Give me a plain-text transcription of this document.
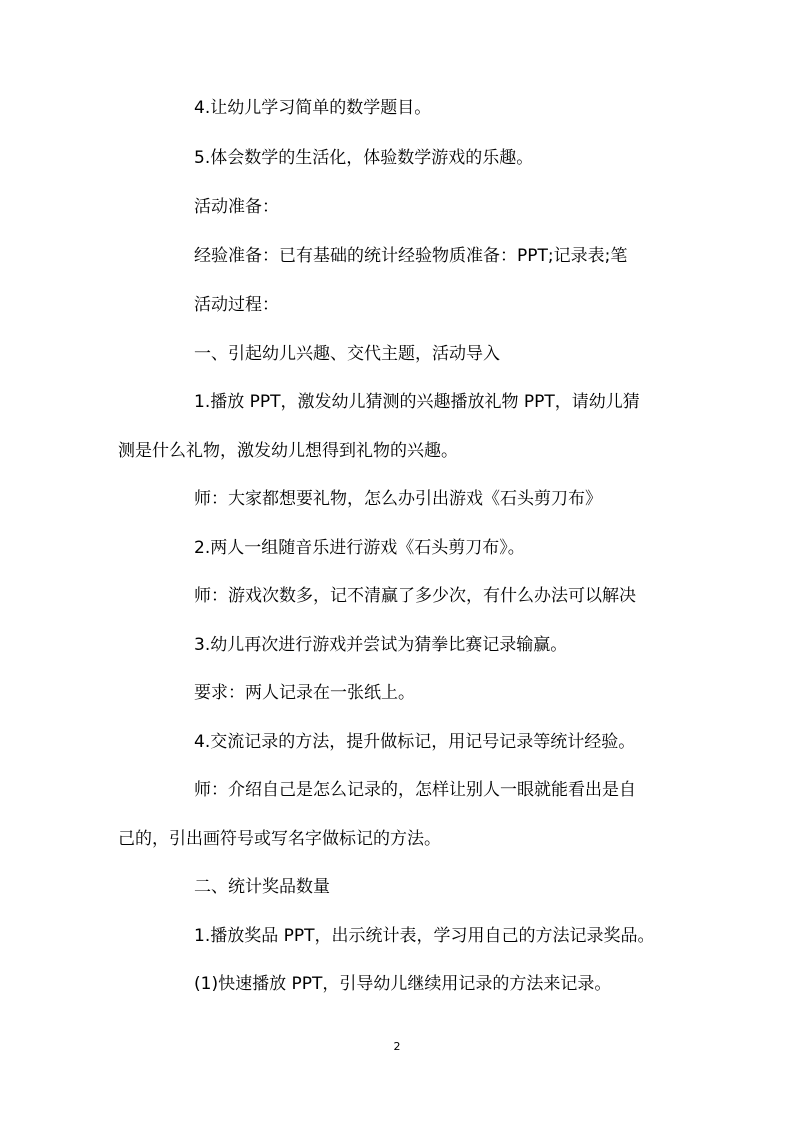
4.让幼儿学习简单的数学题目。
5.体会数学的生活化，体验数学游戏的乐趣。
活动准备：
经验准备：已有基础的统计经验物质准备：PPT;记录表;笔
活动过程：
一、引起幼儿兴趣、交代主题，活动导入
1.播放 PPT，激发幼儿猜测的兴趣播放礼物 PPT，请幼儿猜
测是什么礼物，激发幼儿想得到礼物的兴趣。
师：大家都想要礼物，怎么办引出游戏《石头剪刀布》
2.两人一组随音乐进行游戏《石头剪刀布》。
师：游戏次数多，记不清赢了多少次，有什么办法可以解决
3.幼儿再次进行游戏并尝试为猜拳比赛记录输赢。
要求：两人记录在一张纸上。
4.交流记录的方法，提升做标记，用记号记录等统计经验。
师：介绍自己是怎么记录的，怎样让别人一眼就能看出是自
己的，引出画符号或写名字做标记的方法。
二、统计奖品数量
1.播放奖品 PPT，出示统计表，学习用自己的方法记录奖品。
(1)快速播放 PPT，引导幼儿继续用记录的方法来记录。
2
